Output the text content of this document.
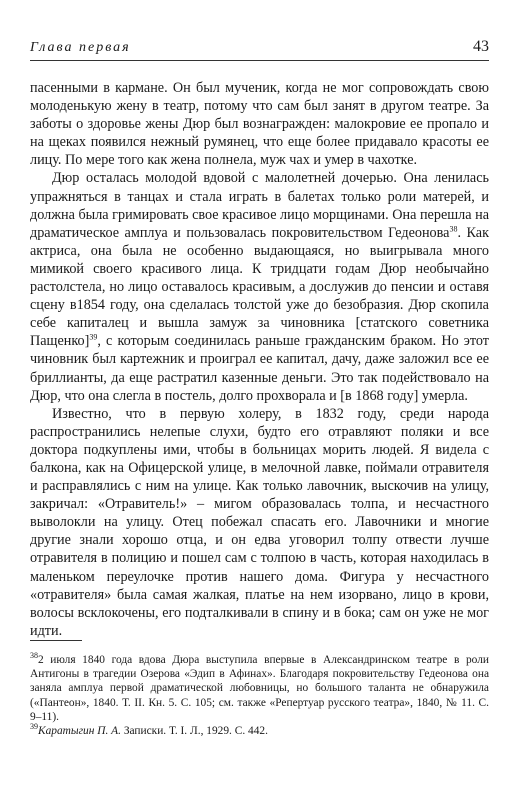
Глава первая	43

пасенными в кармане. Он был мученик, когда не мог сопровождать свою молоденькую жену в театр, потому что сам был занят в другом театре. За заботы о здоровье жены Дюр был вознагражден: малокровие ее пропало и на щеках появился нежный румянец, что еще более придавало красоты ее лицу. По мере того как жена полнела, муж чах и умер в чахотке.

Дюр осталась молодой вдовой с малолетней дочерью. Она ленилась упражняться в танцах и стала играть в балетах только роли матерей, и должна была гримировать свое красивое лицо морщинами. Она перешла на драматическое амплуа и пользовалась покровительством Гедеонова$^{38}$. Как актриса, она была не особенно выдающаяся, но выигрывала много мимикой своего красивого лица. К тридцати годам Дюр необычайно растолстела, но лицо оставалось красивым, а дослужив до пенсии и оставя сцену в1854 году, она сделалась толстой уже до безобразия. Дюр скопила себе капиталец и вышла замуж за чиновника [статского советника Пащенко]$^{39}$, с которым соединилась раньше гражданским браком. Но этот чиновник был картежник и проиграл ее капитал, дачу, даже заложил все ее бриллианты, да еще растратил казенные деньги. Это так подействовало на Дюр, что она слегла в постель, долго прохворала и [в 1868 году] умерла.

Известно, что в первую холеру, в 1832 году, среди народа распространились нелепые слухи, будто его отравляют поляки и все доктора подкуплены ими, чтобы в больницах морить людей. Я видела с балкона, как на Офицерской улице, в мелочной лавке, поймали отравителя и расправлялись с ним на улице. Как только лавочник, выскочив на улицу, закричал: «Отравитель!» – мигом образовалась толпа, и несчастного выволокли на улицу. Отец побежал спасать его. Лавочники и многие другие знали хорошо отца, и он едва уговорил толпу отвести лучше отравителя в полицию и пошел сам с толпою в часть, которая находилась в маленьком переулочке против нашего дома. Фигура у несчастного «отравителя» была самая жалкая, платье на нем изорвано, лицо в крови, волосы всклокочены, его подталкивали в спину и в бока; сам он уже не мог идти.

$^{38}$2 июля 1840 года вдова Дюра выступила впервые в Александринском театре в роли Антигоны в трагедии Озерова «Эдип в Афинах». Благодаря покровительству Гедеонова она заняла амплуа первой драматической любовницы, но большого таланта не обнаружила («Пантеон», 1840. Т. II. Кн. 5. С. 105; см. также «Репертуар русского театра», 1840, № 11. С. 9–11).

$^{39}$Каратыгин П. А. Записки. Т. I. Л., 1929. С. 442.
